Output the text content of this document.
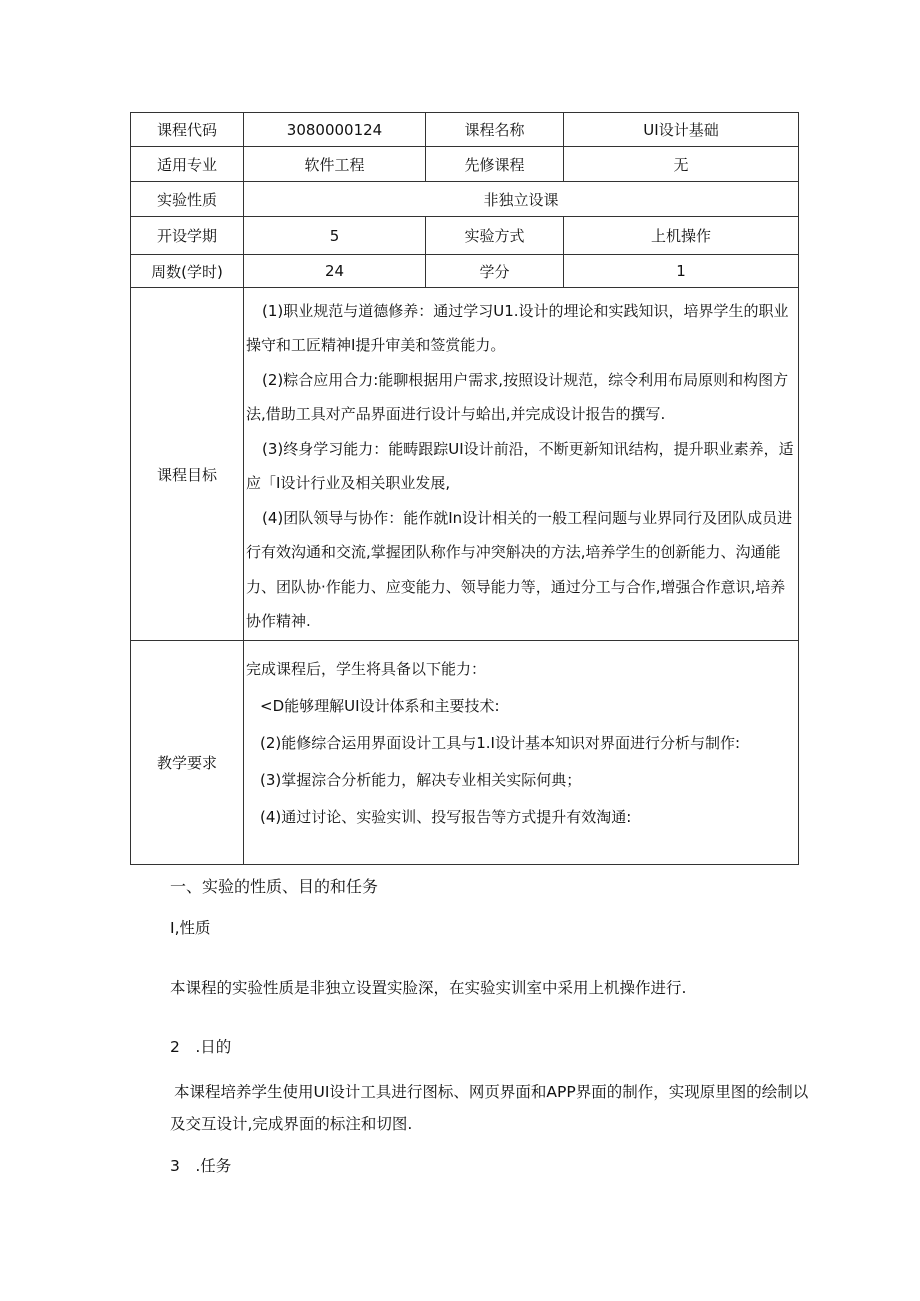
课程代码	3080000124	课程名称	UI设计基础
适用专业	软件工程	先修课程	无
实验性质	非独立设课		
开设学期	5	实验方式	上机操作
周数(学时)	24	学分	1
课程目标	(1)职业规范与道德修养：通过学习U1.设计的埋论和实践知识，培界学生的职业操守和工匠精神I提升审美和签赏能力。

(2)粽合应用合力:能聊根据用户需求,按照设计规范，综令利用布局原则和构图方法,借助工具对产品界面进行设计与蛤出,并完成设计报告的撰写.

(3)终身学习能力：能畴跟踪UI设计前沿，不断更新知讯结构，提升职业素养，适应「I设计行业及相关职业发展,

(4)团队领导与协作：能作就In设计相关的一般工程问题与业界同行及团队成员进行有效沟通和交流,掌握团队称作与冲突斛决的方法,培养学生的创新能力、沟通能力、团队协·作能力、应变能力、领导能力等，通过分工与合作,增强合作意识,培养协作精神.		

教学要求	完成课程后，学生将具备以下能力：

<D能够理解UI设计体系和主要技术:

(2)能修综合运用界面设计工具与1.I设计基本知识对界面进行分析与制作:

(3)掌握淙合分析能力，解决专业相关实际何典；

(4)通过讨论、实验实训、投写报告等方式提升有效淘通:		

一、实验的性质、目的和任务
I,性质
本课程的实验性质是非独立设置实脸深，在实验实训室中采用上机操作进行.
2　.日的
本课程培养学生使用UI设计工具进行图标、网页界面和APP界面的制作，实现原里图的绘制以及交互设计,完成界面的标注和切图.
3　.任务
